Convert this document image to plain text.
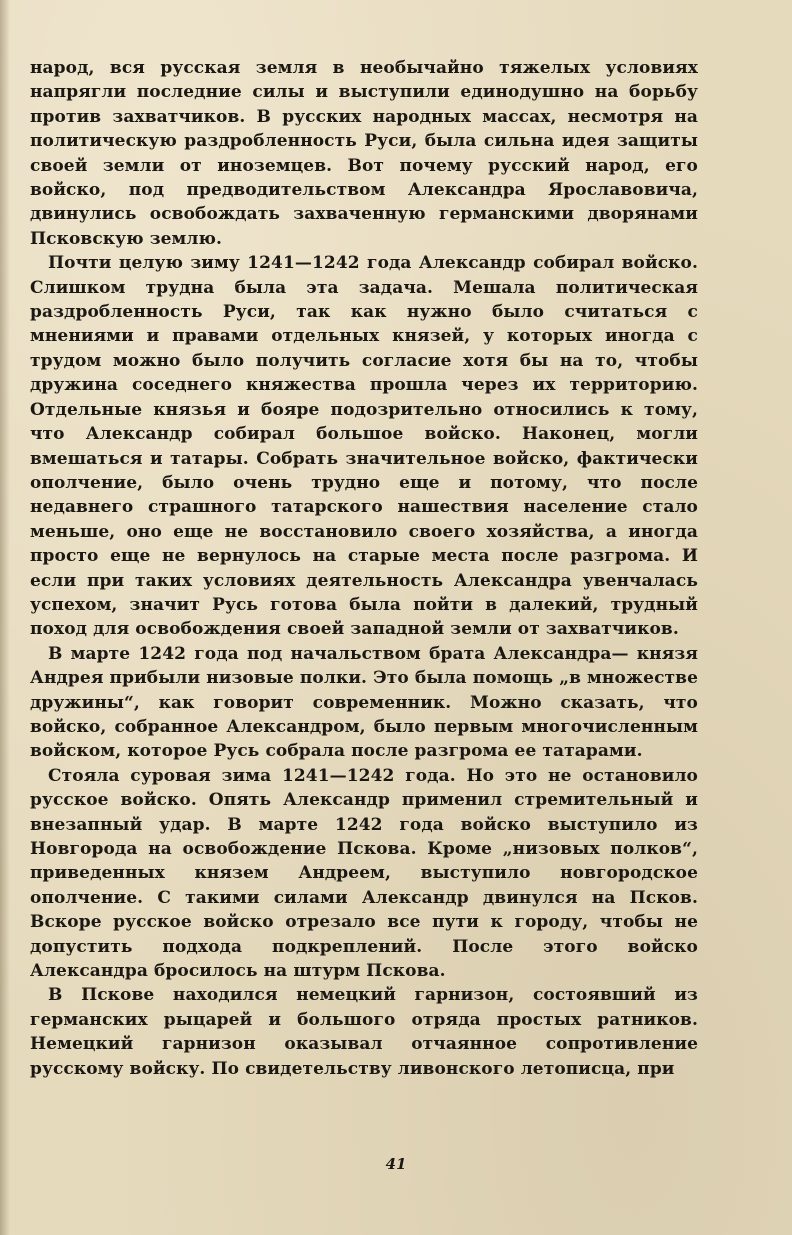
народ, вся русская земля в необычайно тяжелых условиях напрягли последние силы и выступили единодушно на борьбу против захватчиков. В русских народных массах, несмотря на политическую раздробленность Руси, была сильна идея защиты своей земли от иноземцев. Вот почему русский народ, его войско, под предводительством Александра Ярославовича, двинулись освобождать захваченную германскими дворянами Псковскую землю.

Почти целую зиму 1241—1242 года Александр собирал войско. Слишком трудна была эта задача. Мешала политическая раздробленность Руси, так как нужно было считаться с мнениями и правами отдельных князей, у которых иногда с трудом можно было получить согласие хотя бы на то, чтобы дружина соседнего княжества прошла через их территорию. Отдельные князья и бояре подозрительно относились к тому, что Александр собирал большое войско. Наконец, могли вмешаться и татары. Собрать значительное войско, фактически ополчение, было очень трудно еще и потому, что после недавнего страшного татарского нашествия население стало меньше, оно еще не восстановило своего хозяйства, а иногда просто еще не вернулось на старые места после разгрома. И если при таких условиях деятельность Александра увенчалась успехом, значит Русь готова была пойти в далекий, трудный поход для освобождения своей западной земли от захватчиков.

В марте 1242 года под начальством брата Александра— князя Андрея прибыли низовые полки. Это была помощь „в множестве дружины“, как говорит современник. Можно сказать, что войско, собранное Александром, было первым многочисленным войском, которое Русь собрала после разгрома ее татарами.

Стояла суровая зима 1241—1242 года. Но это не остановило русское войско. Опять Александр применил стремительный и внезапный удар. В марте 1242 года войско выступило из Новгорода на освобождение Пскова. Кроме „низовых полков“, приведенных князем Андреем, выступило новгородское ополчение. С такими силами Александр двинулся на Псков. Вскоре русское войско отрезало все пути к городу, чтобы не допустить подхода подкреплений. После этого войско Александра бросилось на штурм Пскова.

В Пскове находился немецкий гарнизон, состоявший из германских рыцарей и большого отряда простых ратников. Немецкий гарнизон оказывал отчаянное сопротивление русскому войску. По свидетельству ливонского летописца, при

41
